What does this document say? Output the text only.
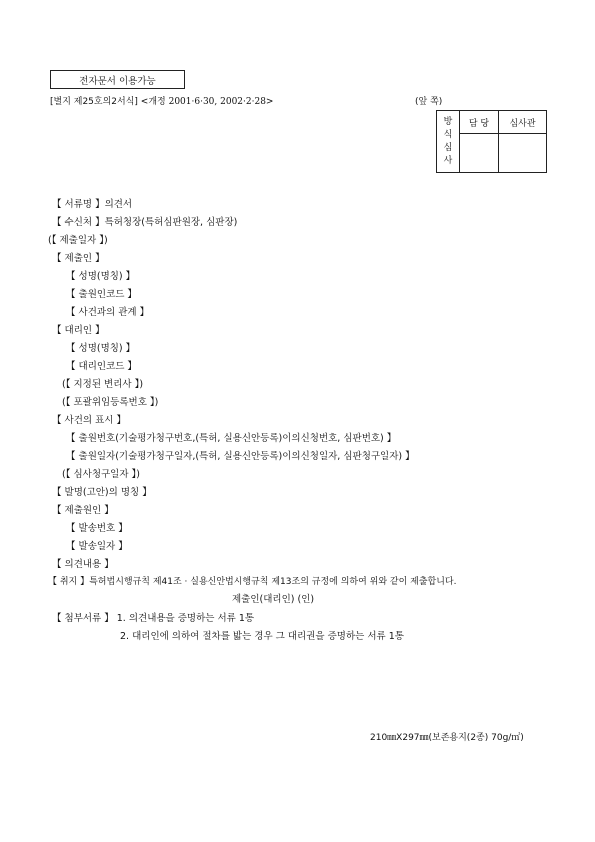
전자문서 이용가능
[별지 제25호의2서식] <개정 2001·6·30, 2002·2·28>	(앞 쪽)
방
식
심
사	담 당	심사관

【 서류명 】의견서
【 수신처 】특허청장(특허심판원장, 심판장)
(【 제출일자 】)
【 제출인 】
【 성명(명칭) 】
【 출원인코드 】
【 사건과의 관계 】
【 대리인 】
【 성명(명칭) 】
【 대리인코드 】
(【 지정된 변리사 】)
(【 포괄위임등록번호 】)
【 사건의 표시 】
【 출원번호(기술평가청구번호,(특허, 실용신안등록)이의신청번호, 심판번호) 】
【 출원일자(기술평가청구일자,(특허, 실용신안등록)이의신청일자, 심판청구일자) 】
(【 심사청구일자 】)
【 발명(고안)의 명칭 】
【 제출원인 】
【 발송번호 】
【 발송일자 】
【 의견내용 】
【 취지 】특허법시행규칙 제41조 · 실용신안법시행규칙 제13조의 규정에 의하여 위와 같이 제출합니다.
제출인(대리인) (인)
【 첨부서류 】 1. 의견내용을 증명하는 서류 1통
2. 대리인에 의하여 절차를 밟는 경우 그 대리권을 증명하는 서류 1통
210㎜X297㎜(보존용지(2종) 70g/㎡)
